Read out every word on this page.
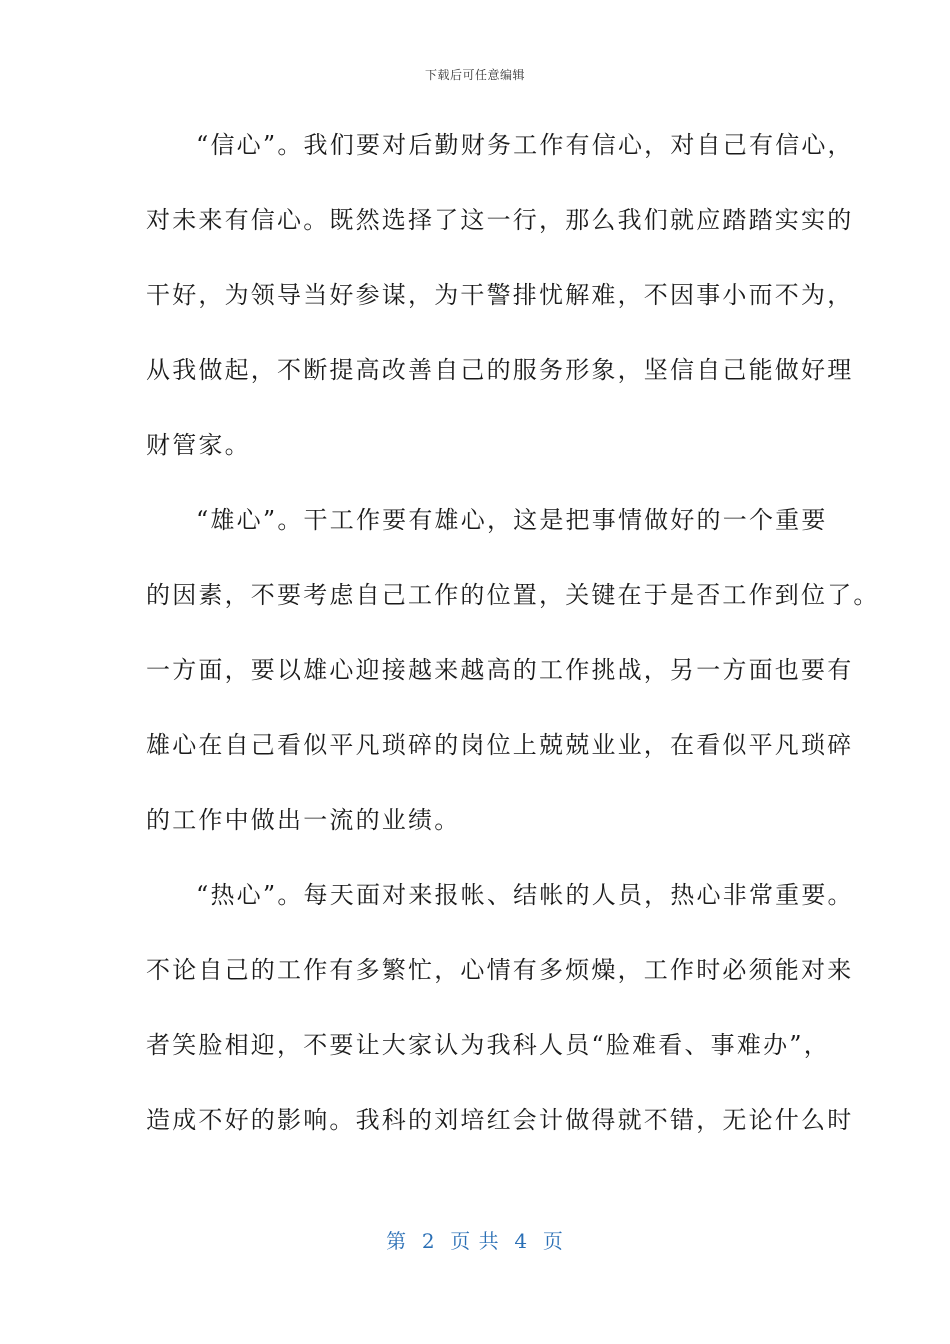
下载后可任意编辑
“信心”。我们要对后勤财务工作有信心，对自己有信心，
对未来有信心。既然选择了这一行，那么我们就应踏踏实实的
干好，为领导当好参谋，为干警排忧解难，不因事小而不为，
从我做起，不断提高改善自己的服务形象，坚信自己能做好理
财管家。
“雄心”。干工作要有雄心，这是把事情做好的一个重要
的因素，不要考虑自己工作的位置，关键在于是否工作到位了。
一方面，要以雄心迎接越来越高的工作挑战，另一方面也要有
雄心在自己看似平凡琐碎的岗位上兢兢业业，在看似平凡琐碎
的工作中做出一流的业绩。
“热心”。每天面对来报帐、结帐的人员，热心非常重要。
不论自己的工作有多繁忙，心情有多烦燥，工作时必须能对来
者笑脸相迎，不要让大家认为我科人员“脸难看、事难办”，
造成不好的影响。我科的刘培红会计做得就不错，无论什么时
第  2  页 共  4  页
